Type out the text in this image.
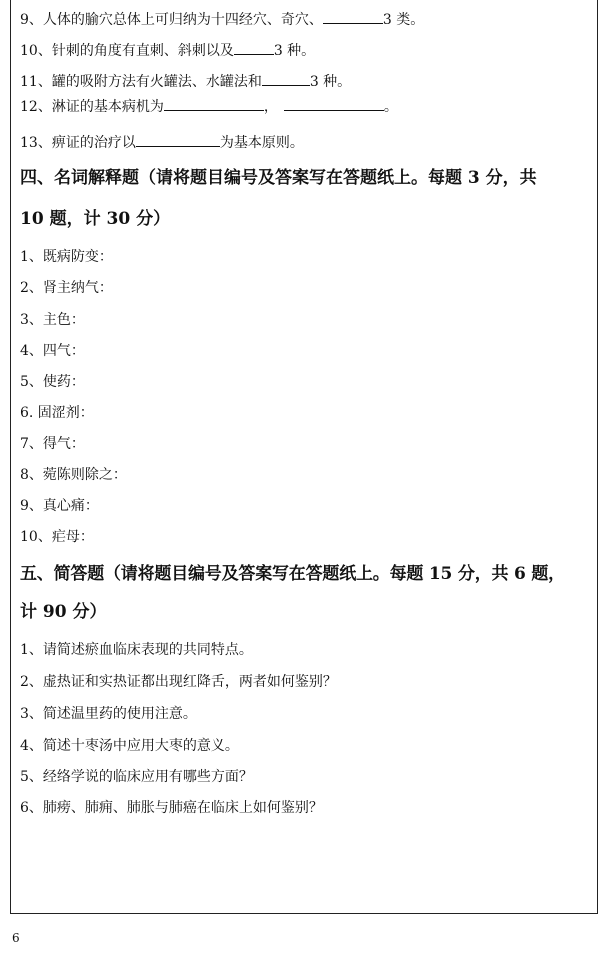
9、人体的腧穴总体上可归纳为十四经穴、奇穴、	3 类。
10、针刺的角度有直刺、斜刺以及	3 种。
11、罐的吸附方法有火罐法、水罐法和	3 种。
12、淋证的基本病机为	，	。
13、痹证的治疗以	为基本原则。
四、名词解释题（请将题目编号及答案写在答题纸上。每题 3 分，共
10 题，计 30 分）
1、既病防变：
2、肾主纳气：
3、主色：
4、四气：
5、使药：
6. 固涩剂：
7、得气：
8、菀陈则除之：
9、真心痛：
10、疟母：
五、简答题（请将题目编号及答案写在答题纸上。每题 15 分，共 6 题，
计 90 分）
1、请简述瘀血临床表现的共同特点。
2、虚热证和实热证都出现红降舌，两者如何鉴别？
3、简述温里药的使用注意。
4、简述十枣汤中应用大枣的意义。
5、经络学说的临床应用有哪些方面？
6、肺痨、肺痈、肺胀与肺癌在临床上如何鉴别？
6
